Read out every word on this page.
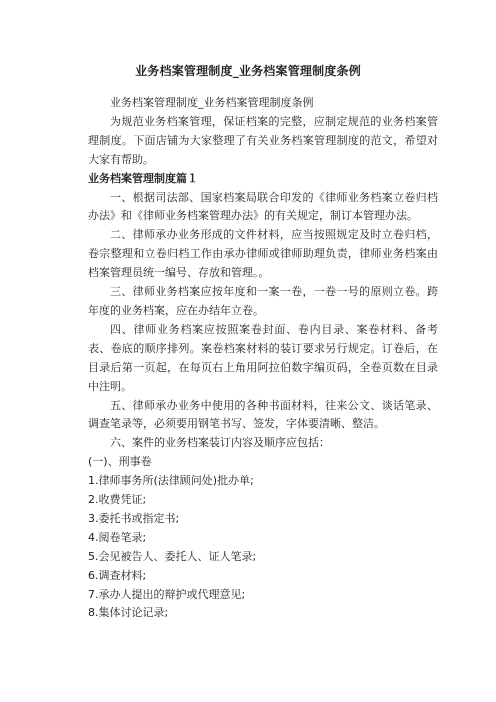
业务档案管理制度_业务档案管理制度条例

业务档案管理制度_业务档案管理制度条例

为规范业务档案管理，保证档案的完整，应制定规范的业务档案管理制度。下面店铺为大家整理了有关业务档案管理制度的范文，希望对大家有帮助。

业务档案管理制度篇１

一、根据司法部、国家档案局联合印发的《律师业务档案立卷归档办法》和《律师业务档案管理办法》的有关规定，制订本管理办法。

二、律师承办业务形成的文件材料，应当按照规定及时立卷归档，卷宗整理和立卷归档工作由承办律师或律师助理负责，律师业务档案由档案管理员统一编号、存放和管理。。

三、律师业务档案应按年度和一案一卷，一卷一号的原则立卷。跨年度的业务档案，应在办结年立卷。

四、律师业务档案应按照案卷封面、卷内目录、案卷材料、备考表、卷底的顺序排列。案卷档案材料的装订要求另行规定。订卷后，在目录后第一页起，在每页右上角用阿拉伯数字编页码，全卷页数在目录中注明。

五、律师承办业务中使用的各种书面材料，往来公文、谈话笔录、调查笔录等，必须要用钢笔书写、签发，字体要清晰、整洁。

六、案件的业务档案装订内容及顺序应包括：

(一)、刑事卷

1.律师事务所(法律顾问处)批办单;

2.收费凭证;

3.委托书或指定书;

4.阅卷笔录;

5.会见被告人、委托人、证人笔录;

6.调查材料;

7.承办人提出的辩护或代理意见;

8.集体讨论记录;
